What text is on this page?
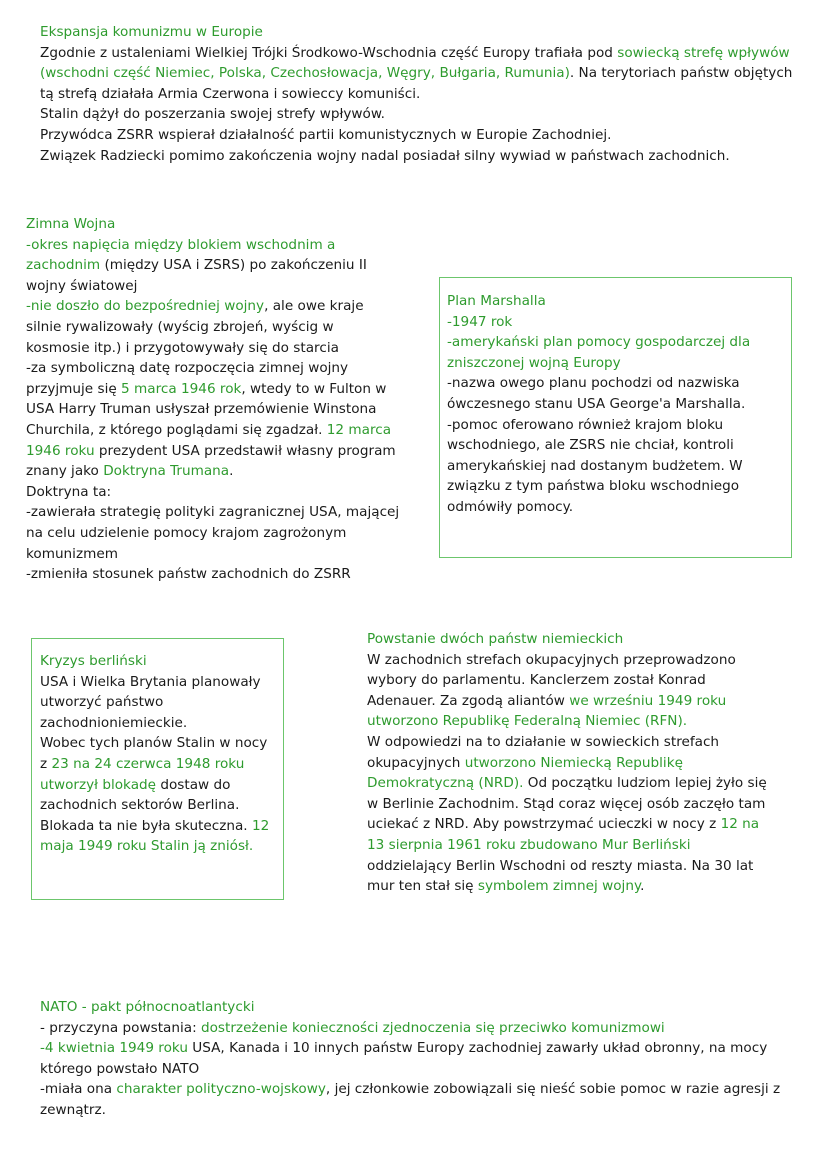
Ekspansja komunizmu w Europie

Zgodnie z ustaleniami Wielkiej Trójki Środkowo-Wschodnia część Europy trafiała pod sowiecką strefę wpływów (wschodni część Niemiec, Polska, Czechosłowacja, Węgry, Bułgaria, Rumunia). Na terytoriach państw objętych tą strefą działała Armia Czerwona i sowieccy komuniści.

Stalin dążył do poszerzania swojej strefy wpływów.

Przywódca ZSRR wspierał działalność partii komunistycznych w Europie Zachodniej.

Związek Radziecki pomimo zakończenia wojny nadal posiadał silny wywiad w państwach zachodnich.

Zimna Wojna

-okres napięcia między blokiem wschodnim a zachodnim (między USA i ZSRS) po zakończeniu II wojny światowej

-nie doszło do bezpośredniej wojny, ale owe kraje silnie rywalizowały (wyścig zbrojeń, wyścig w kosmosie itp.) i przygotowywały się do starcia

-za symboliczną datę rozpoczęcia zimnej wojny przyjmuje się 5 marca 1946 rok, wtedy to w Fulton w USA Harry Truman usłyszał przemówienie Winstona Churchila, z którego poglądami się zgadzał. 12 marca 1946 roku prezydent USA przedstawił własny program znany jako Doktryna Trumana.

Doktryna ta:

-zawierała strategię polityki zagranicznej USA, mającej na celu udzielenie pomocy krajom zagrożonym komunizmem

-zmieniła stosunek państw zachodnich do ZSRR

Plan Marshalla

-1947 rok

-amerykański plan pomocy gospodarczej dla zniszczonej wojną Europy

-nazwa owego planu pochodzi od nazwiska ówczesnego stanu USA George'a Marshalla.

-pomoc oferowano również krajom bloku wschodniego, ale ZSRS nie chciał, kontroli amerykańskiej nad dostanym budżetem. W związku z tym państwa bloku wschodniego odmówiły pomocy.

Kryzys berliński

USA i Wielka Brytania planowały utworzyć państwo zachodnioniemieckie.

Wobec tych planów Stalin w nocy z 23 na 24 czerwca 1948 roku utworzył blokadę dostaw do zachodnich sektorów Berlina.

Blokada ta nie była skuteczna. 12 maja 1949 roku Stalin ją zniósł.

Powstanie dwóch państw niemieckich

W zachodnich strefach okupacyjnych przeprowadzono wybory do parlamentu. Kanclerzem został Konrad Adenauer. Za zgodą aliantów we wrześniu 1949 roku utworzono Republikę Federalną Niemiec (RFN).

W odpowiedzi na to działanie w sowieckich strefach okupacyjnych utworzono Niemiecką Republikę Demokratyczną (NRD). Od początku ludziom lepiej żyło się w Berlinie Zachodnim. Stąd coraz więcej osób zaczęło tam uciekać z NRD. Aby powstrzymać ucieczki w nocy z 12 na 13 sierpnia 1961 roku zbudowano Mur Berliński oddzielający Berlin Wschodni od reszty miasta. Na 30 lat mur ten stał się symbolem zimnej wojny.

NATO - pakt północnoatlantycki

- przyczyna powstania: dostrzeżenie konieczności zjednoczenia się przeciwko komunizmowi

-4 kwietnia 1949 roku USA, Kanada i 10 innych państw Europy zachodniej zawarły układ obronny, na mocy którego powstało NATO

-miała ona charakter polityczno-wojskowy, jej członkowie zobowiązali się nieść sobie pomoc w razie agresji z zewnątrz.
